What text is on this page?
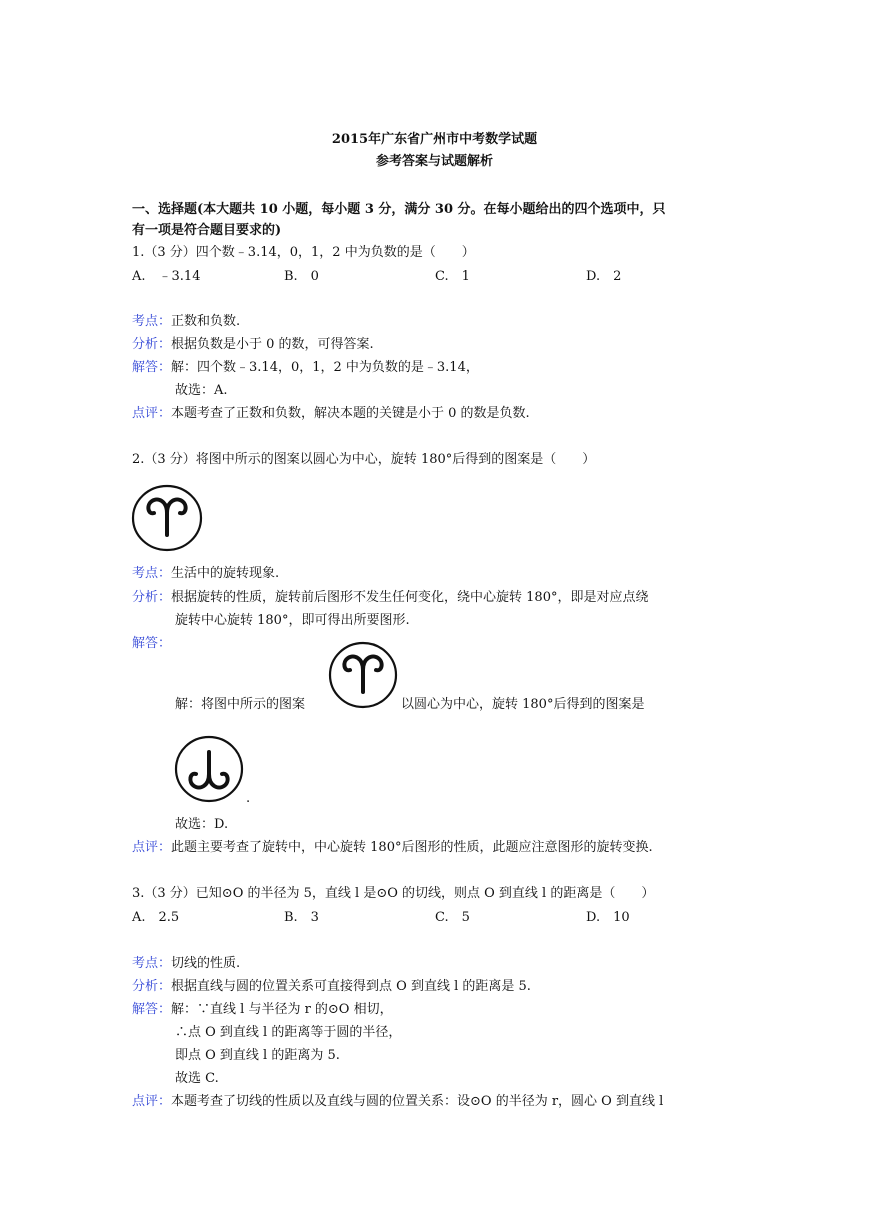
2015年广东省广州市中考数学试题
参考答案与试题解析
一、选择题(本大题共 10 小题，每小题 3 分，满分 30 分。在每小题给出的四个选项中，只
有一项是符合题目要求的)
1.（3 分）四个数﹣3.14，0，1，2 中为负数的是（　　）
A.　﹣3.14	B.　0	C.　1	D.　2
考点：正数和负数.
分析：根据负数是小于 0 的数，可得答案.
解答：解：四个数﹣3.14，0，1，2 中为负数的是﹣3.14，
故选：A.
点评：本题考查了正数和负数，解决本题的关键是小于 0 的数是负数.
2.（3 分）将图中所示的图案以圆心为中心，旋转 180°后得到的图案是（　　）
考点：生活中的旋转现象.
分析：根据旋转的性质，旋转前后图形不发生任何变化，绕中心旋转 180°，即是对应点绕
旋转中心旋转 180°，即可得出所要图形.
解答：
解：将图中所示的图案	以圆心为中心，旋转 180°后得到的图案是
.
故选：D.
点评：此题主要考查了旋转中，中心旋转 180°后图形的性质，此题应注意图形的旋转变换.
3.（3 分）已知⊙O 的半径为 5，直线 l 是⊙O 的切线，则点 O 到直线 l 的距离是（　　）
A.　2.5	B.　3	C.　5	D.　10
考点：切线的性质.
分析：根据直线与圆的位置关系可直接得到点 O 到直线 l 的距离是 5.
解答：解：∵直线 l 与半径为 r 的⊙O 相切，
∴点 O 到直线 l 的距离等于圆的半径，
即点 O 到直线 l 的距离为 5.
故选 C.
点评：本题考查了切线的性质以及直线与圆的位置关系：设⊙O 的半径为 r，圆心 O 到直线 l
